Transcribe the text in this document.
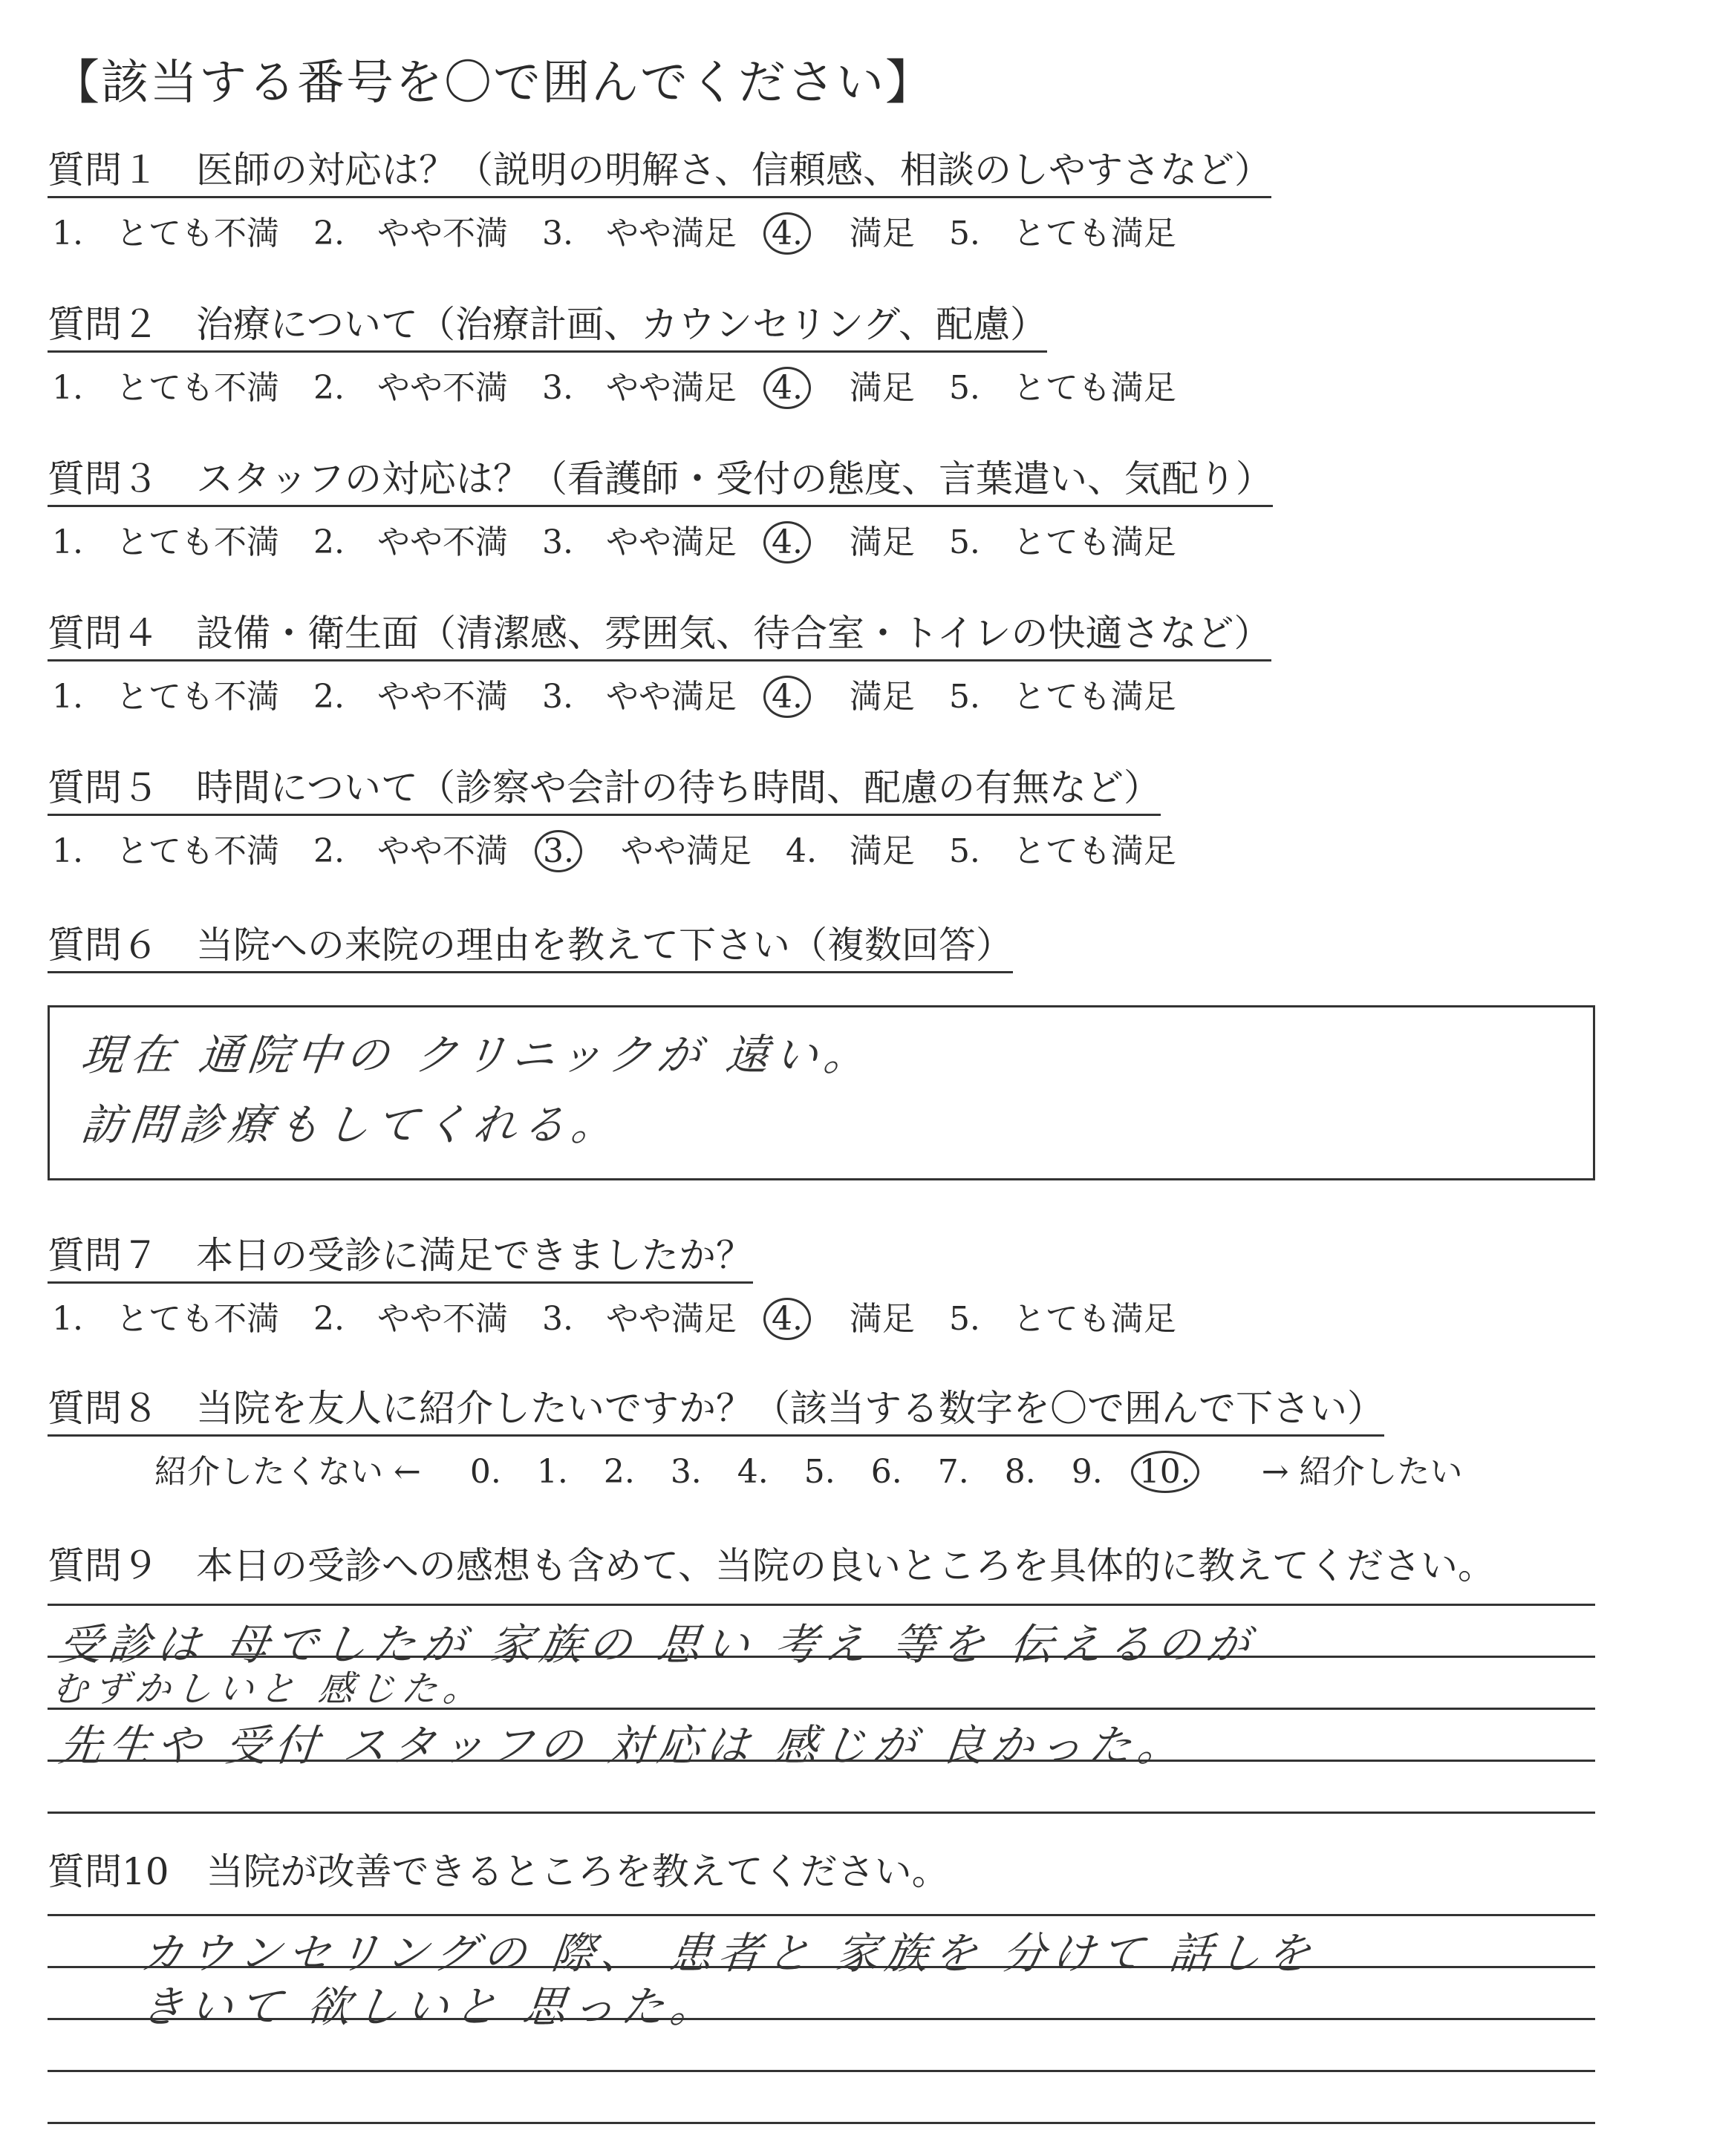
【該当する番号を〇で囲んでください】
質問１　医師の対応は？（説明の明解さ、信頼感、相談のしやすさなど）
1.　とても不満 2.　やや不満 3.　やや満足 4.　満足 5.　とても満足
質問２　治療について（治療計画、カウンセリング、配慮）
1.　とても不満 2.　やや不満 3.　やや満足 4.　満足 5.　とても満足
質問３　スタッフの対応は？（看護師・受付の態度、言葉遣い、気配り）
1.　とても不満 2.　やや不満 3.　やや満足 4.　満足 5.　とても満足
質問４　設備・衛生面（清潔感、雰囲気、待合室・トイレの快適さなど）
1.　とても不満 2.　やや不満 3.　やや満足 4.　満足 5.　とても満足
質問５　時間について（診察や会計の待ち時間、配慮の有無など）
1.　とても不満 2.　やや不満 3.　やや満足 4.　満足 5.　とても満足
質問６　当院への来院の理由を教えて下さい（複数回答）
現在 通院中の クリニックが 遠い。
訪問診療もしてくれる。
質問７　本日の受診に満足できましたか？
1.　とても不満 2.　やや不満 3.　やや満足 4.　満足 5.　とても満足
質問８　当院を友人に紹介したいですか？（該当する数字を〇で囲んで下さい）
紹介したくない ← 0. 1. 2. 3. 4. 5. 6. 7. 8. 9. 10. → 紹介したい
質問９　本日の受診への感想も含めて、当院の良いところを具体的に教えてください。
受診は 母でしたが 家族の 思い 考え 等を 伝えるのが
むずかしいと 感じた。
先生や 受付 スタッフの 対応は 感じが 良かった。
質問10　当院が改善できるところを教えてください。
カウンセリングの 際、 患者と 家族を 分けて 話しを
きいて 欲しいと 思った。
